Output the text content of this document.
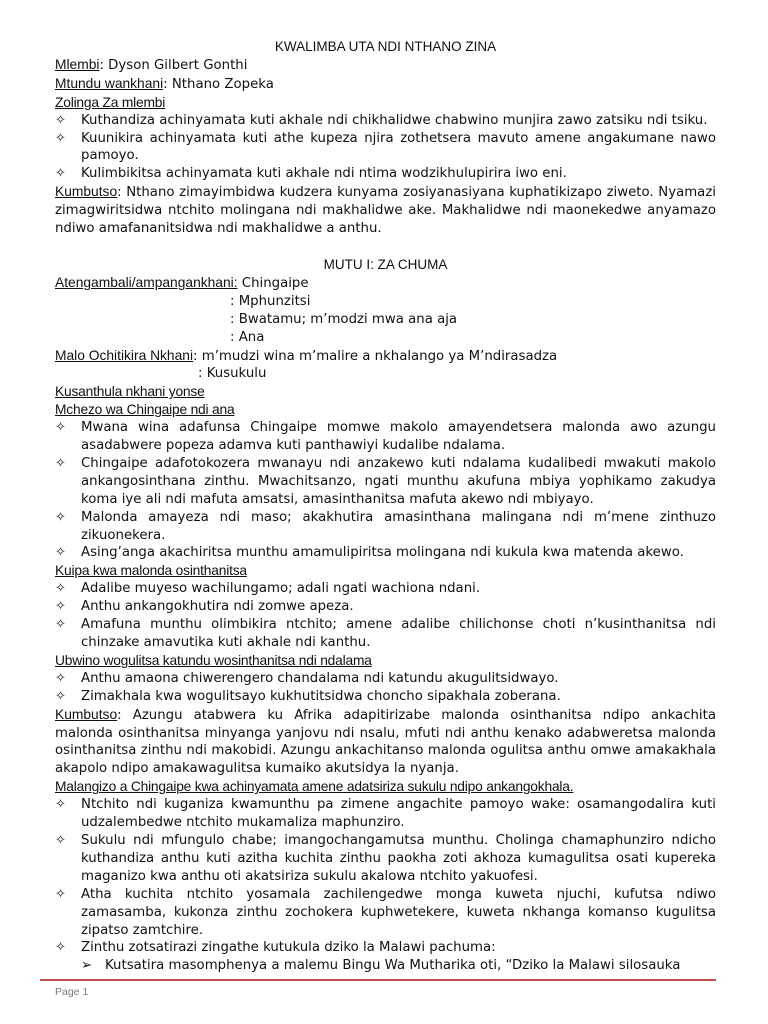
KWALIMBA UTA NDI NTHANO ZINA

Mlembi: Dyson Gilbert Gonthi

Mtundu wankhani: Nthano Zopeka

Zolinga Za mlembi

✧ Kuthandiza achinyamata kuti akhale ndi chikhalidwe chabwino munjira zawo zatsiku ndi tsiku.
✧ Kuunikira achinyamata kuti athe kupeza njira zothetsera mavuto amene angakumane nawo pamoyo.
✧ Kulimbikitsa achinyamata kuti akhale ndi ntima wodzikhulupirira iwo eni.

Kumbutso: Nthano zimayimbidwa kudzera kunyama zosiyanasiyana kuphatikizapo ziweto. Nyamazi zimagwiritsidwa ntchito molingana ndi makhalidwe ake. Makhalidwe ndi maonekedwe anyamazo ndiwo amafananitsidwa ndi makhalidwe a anthu.

MUTU I: ZA CHUMA

Atengambali/ampangankhani: Chingaipe

: Mphunzitsi

: Bwatamu; m’modzi mwa ana aja

: Ana

Malo Ochitikira Nkhani: m’mudzi wina m’malire a nkhalango ya M’ndirasadza

: Kusukulu

Kusanthula nkhani yonse

Mchezo wa Chingaipe ndi ana

✧ Mwana wina adafunsa Chingaipe momwe makolo amayendetsera malonda awo azungu asadabwere popeza adamva kuti panthawiyi kudalibe ndalama.
✧ Chingaipe adafotokozera mwanayu ndi anzakewo kuti ndalama kudalibedi mwakuti makolo ankangosinthana zinthu. Mwachitsanzo, ngati munthu akufuna mbiya yophikamo zakudya koma iye ali ndi mafuta amsatsi, amasinthanitsa mafuta akewo ndi mbiyayo.
✧ Malonda amayeza ndi maso; akakhutira amasinthana malingana ndi m’mene zinthuzo zikuonekera.
✧ Asing’anga akachiritsa munthu amamulipiritsa molingana ndi kukula kwa matenda akewo.

Kuipa kwa malonda osinthanitsa

✧ Adalibe muyeso wachilungamo; adali ngati wachiona ndani.
✧ Anthu ankangokhutira ndi zomwe apeza.
✧ Amafuna munthu olimbikira ntchito; amene adalibe chilichonse choti n’kusinthanitsa ndi chinzake amavutika kuti akhale ndi kanthu.

Ubwino wogulitsa katundu wosinthanitsa ndi ndalama

✧ Anthu amaona chiwerengero chandalama ndi katundu akugulitsidwayo.
✧ Zimakhala kwa wogulitsayo kukhutitsidwa choncho sipakhala zoberana.

Kumbutso: Azungu atabwera ku Afrika adapitirizabe malonda osinthanitsa ndipo ankachita malonda osinthanitsa minyanga yanjovu ndi nsalu, mfuti ndi anthu kenako adabweretsa malonda osinthanitsa zinthu ndi makobidi. Azungu ankachitanso malonda ogulitsa anthu omwe amakakhala akapolo ndipo amakawagulitsa kumaiko akutsidya la nyanja.

Malangizo a Chingaipe kwa achinyamata amene adatsiriza sukulu ndipo ankangokhala.

✧ Ntchito ndi kuganiza kwamunthu pa zimene angachite pamoyo wake: osamangodalira kuti udzalembedwe ntchito mukamaliza maphunziro.
✧ Sukulu ndi mfungulo chabe; imangochangamutsa munthu. Cholinga chamaphunziro ndicho kuthandiza anthu kuti azitha kuchita zinthu paokha zoti akhoza kumagulitsa osati kupereka maganizo kwa anthu oti akatsiriza sukulu akalowa ntchito yakuofesi.
✧ Atha kuchita ntchito yosamala zachilengedwe monga kuweta njuchi, kufutsa ndiwo zamasamba, kukonza zinthu zochokera kuphwetekere, kuweta nkhanga komanso kugulitsa zipatso zamtchire.
✧ Zinthu zotsatirazi zingathe kutukula dziko la Malawi pachuma:
➢ Kutsatira masomphenya a malemu Bingu Wa Mutharika oti, “Dziko la Malawi silosauka
Page 1
